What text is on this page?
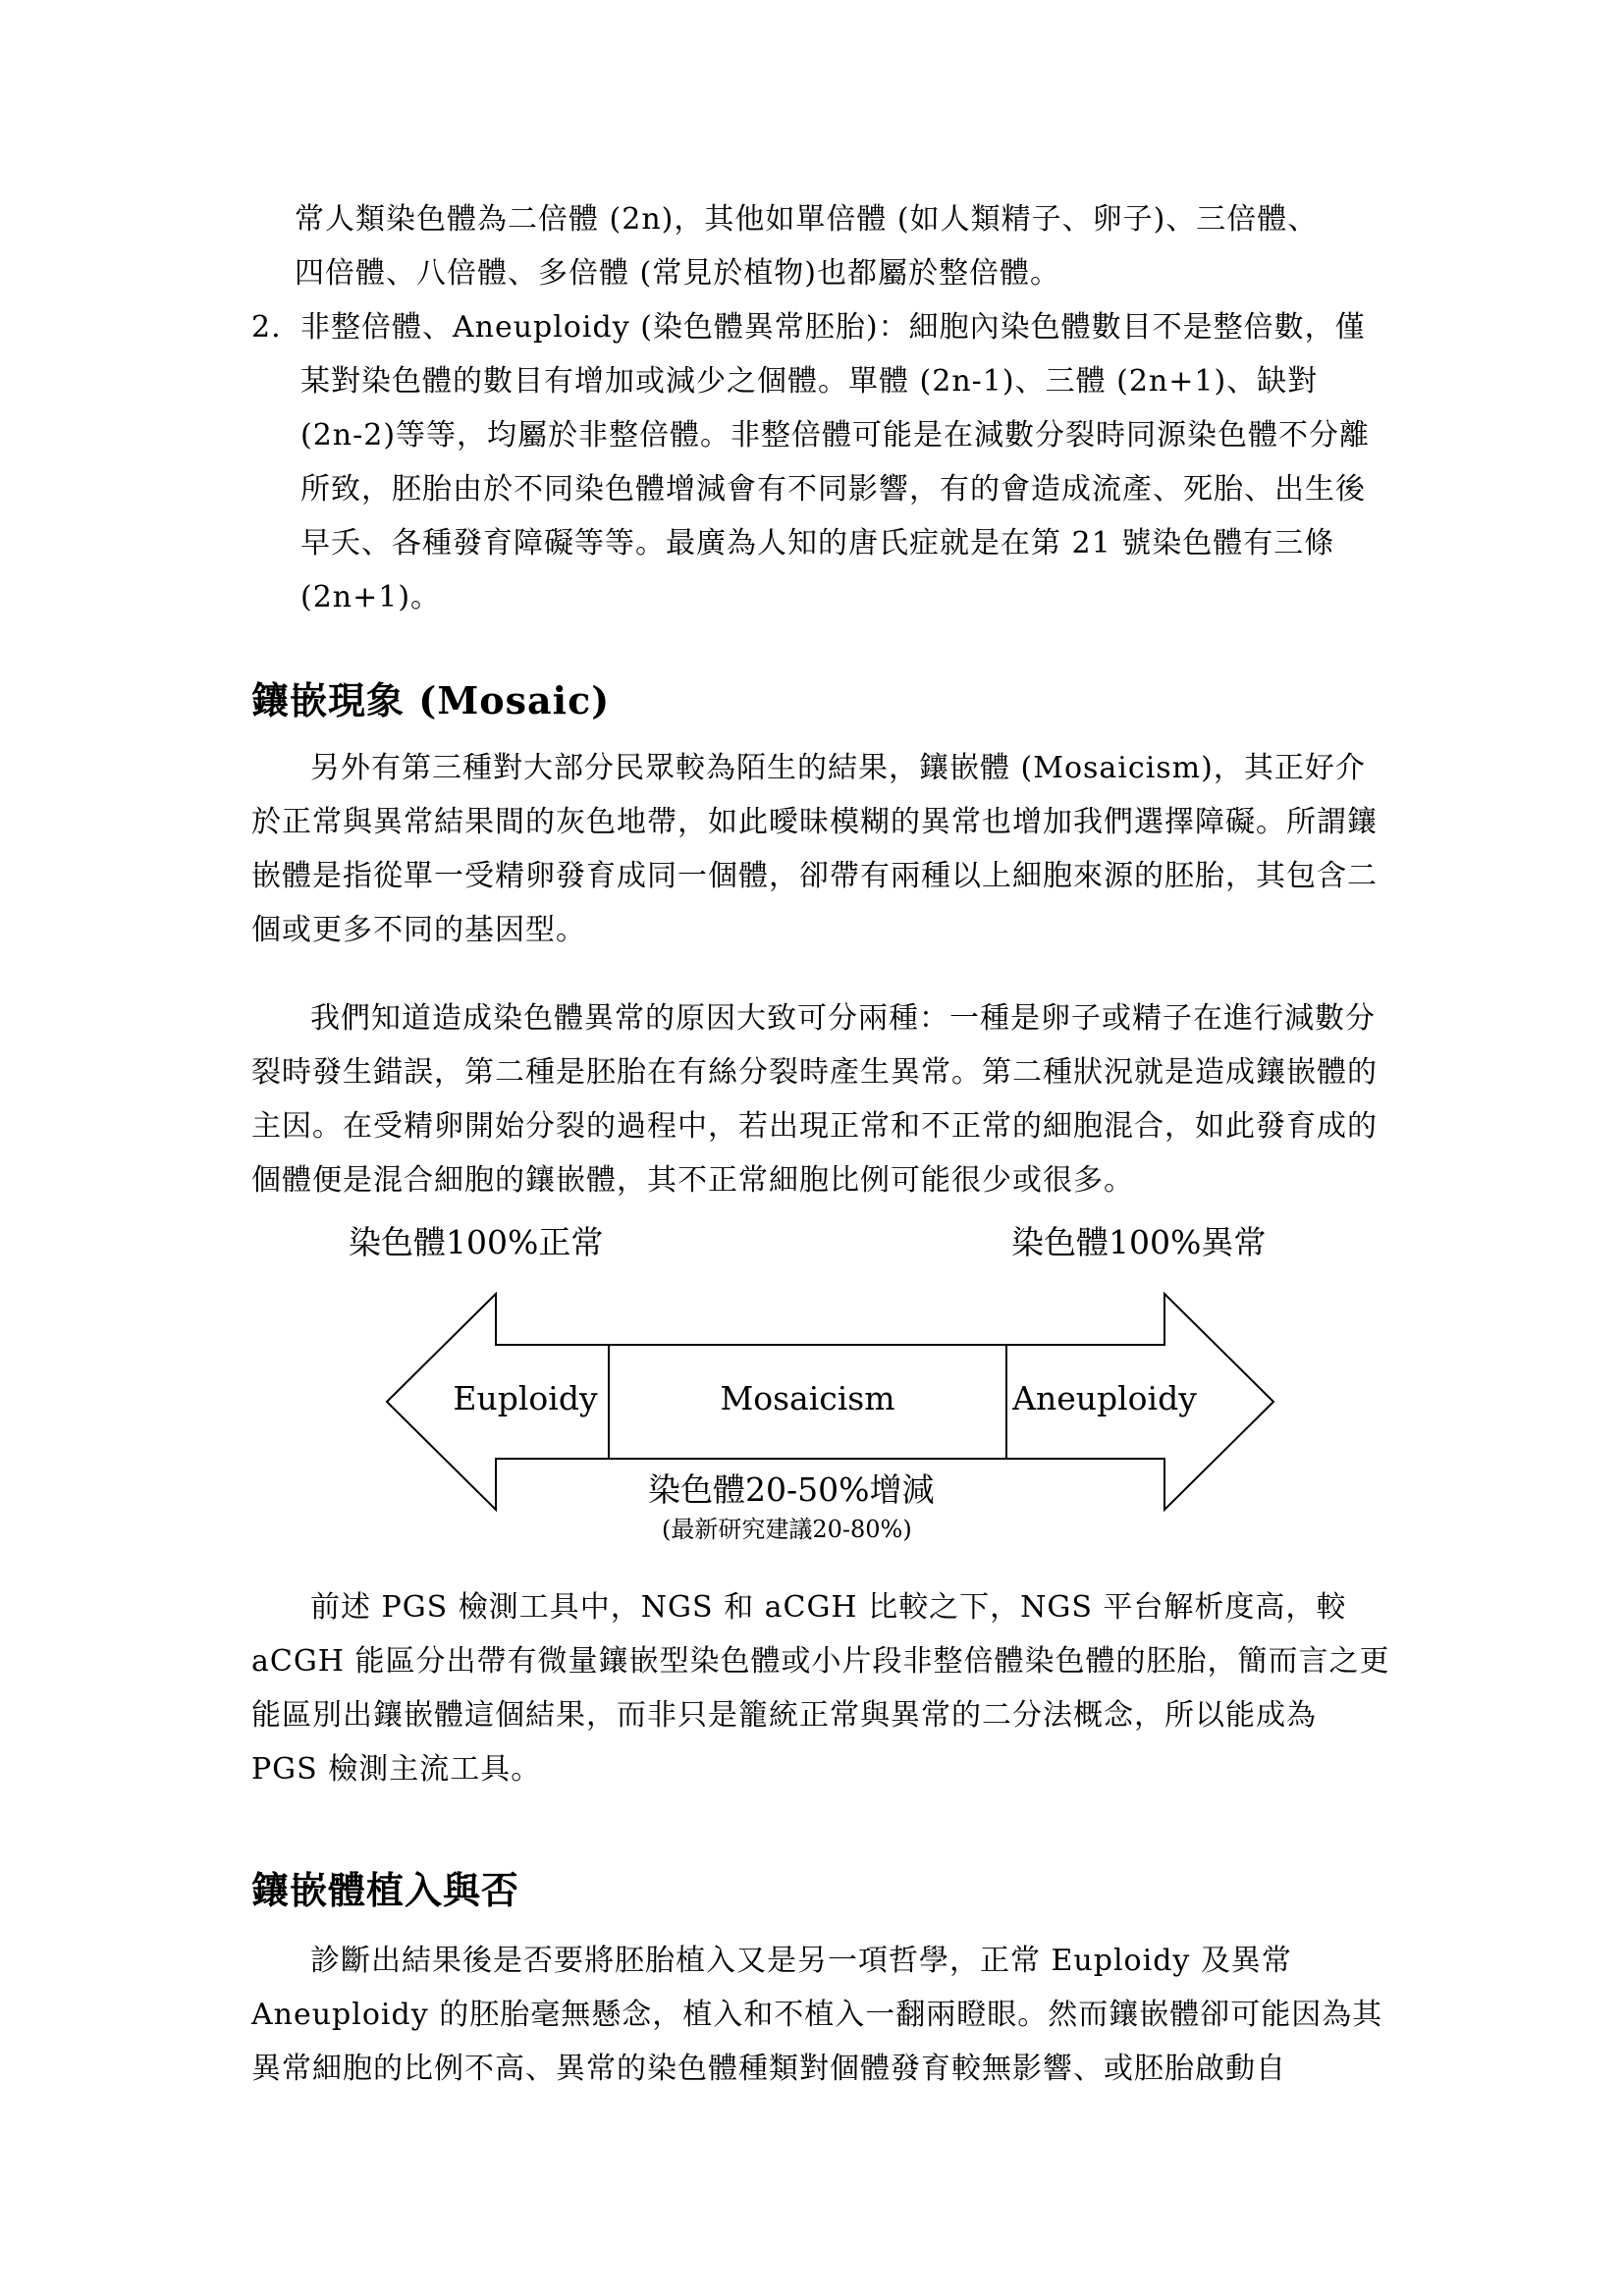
常人類染色體為二倍體 (2n)，其他如單倍體 (如人類精子、卵子)、三倍體、

四倍體、八倍體、多倍體 (常見於植物)也都屬於整倍體。

2. 非整倍體、Aneuploidy (染色體異常胚胎)：細胞內染色體數目不是整倍數，僅某對染色體的數目有增加或減少之個體。單體 (2n-1)、三體 (2n+1)、缺對 (2n-2)等等，均屬於非整倍體。非整倍體可能是在減數分裂時同源染色體不分離所致，胚胎由於不同染色體增減會有不同影響，有的會造成流產、死胎、出生後早夭、各種發育障礙等等。最廣為人知的唐氏症就是在第 21 號染色體有三條 (2n+1)。
鑲嵌現象 (Mosaic)
另外有第三種對大部分民眾較為陌生的結果，鑲嵌體 (Mosaicism)，其正好介於正常與異常結果間的灰色地帶，如此曖昧模糊的異常也增加我們選擇障礙。所謂鑲嵌體是指從單一受精卵發育成同一個體，卻帶有兩種以上細胞來源的胚胎，其包含二個或更多不同的基因型。
我們知道造成染色體異常的原因大致可分兩種：一種是卵子或精子在進行減數分裂時發生錯誤，第二種是胚胎在有絲分裂時產生異常。第二種狀況就是造成鑲嵌體的主因。在受精卵開始分裂的過程中，若出現正常和不正常的細胞混合，如此發育成的個體便是混合細胞的鑲嵌體，其不正常細胞比例可能很少或很多。
染色體100%正常	染色體100%異常
Euploidy	Mosaicism	Aneuploidy
染色體20-50%增減
(最新研究建議20-80%)
前述 PGS 檢測工具中，NGS 和 aCGH 比較之下，NGS 平台解析度高，較 aCGH 能區分出帶有微量鑲嵌型染色體或小片段非整倍體染色體的胚胎，簡而言之更能區別出鑲嵌體這個結果，而非只是籠統正常與異常的二分法概念，所以能成為 PGS 檢測主流工具。
鑲嵌體植入與否
診斷出結果後是否要將胚胎植入又是另一項哲學，正常 Euploidy 及異常 Aneuploidy 的胚胎毫無懸念，植入和不植入一翻兩瞪眼。然而鑲嵌體卻可能因為其異常細胞的比例不高、異常的染色體種類對個體發育較無影響、或胚胎啟動自
